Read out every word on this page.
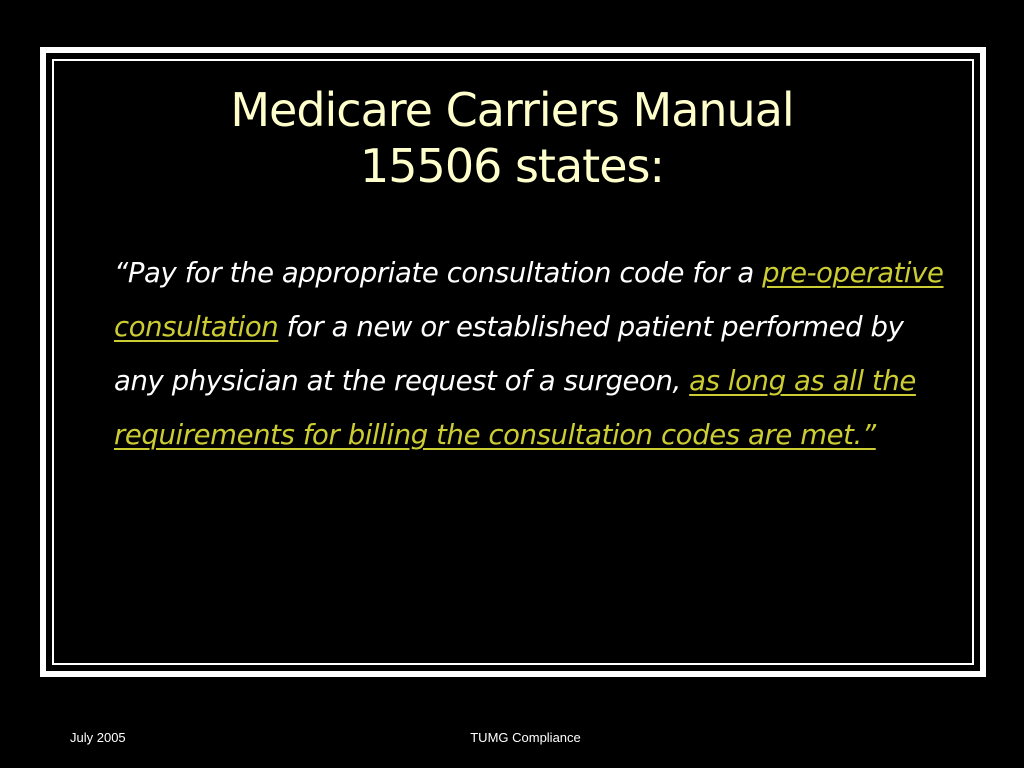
Medicare Carriers Manual
15506 states:
“Pay for the appropriate consultation code for a pre-operative consultation for a new or established patient performed by any physician at the request of a surgeon, as long as all the requirements for billing the consultation codes are met.”
July 2005	TUMG Compliance
